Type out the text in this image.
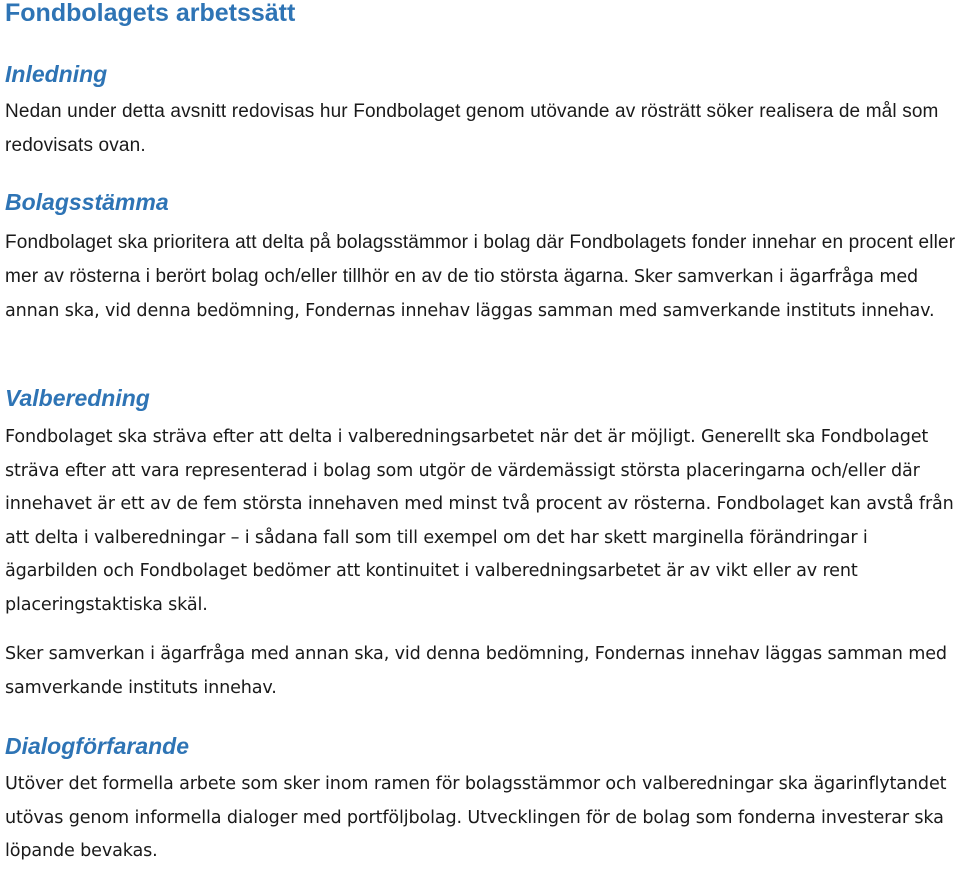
Fondbolagets arbetssätt
Inledning

Nedan under detta avsnitt redovisas hur Fondbolaget genom utövande av rösträtt söker realisera de mål som redovisats ovan.

Bolagsstämma

Fondbolaget ska prioritera att delta på bolagsstämmor i bolag där Fondbolagets fonder innehar en procent eller mer av rösterna i berört bolag och/eller tillhör en av de tio största ägarna. Sker samverkan i ägarfråga med annan ska, vid denna bedömning, Fondernas innehav läggas samman med samverkande instituts innehav.

Valberedning

Fondbolaget ska sträva efter att delta i valberedningsarbetet när det är möjligt. Generellt ska Fondbolaget sträva efter att vara representerad i bolag som utgör de värdemässigt största placeringarna och/eller där innehavet är ett av de fem största innehaven med minst två procent av rösterna. Fondbolaget kan avstå från att delta i valberedningar – i sådana fall som till exempel om det har skett marginella förändringar i ägarbilden och Fondbolaget bedömer att kontinuitet i valberedningsarbetet är av vikt eller av rent placeringstaktiska skäl.

Sker samverkan i ägarfråga med annan ska, vid denna bedömning, Fondernas innehav läggas samman med samverkande instituts innehav.

Dialogförfarande

Utöver det formella arbete som sker inom ramen för bolagsstämmor och valberedningar ska ägarinflytandet utövas genom informella dialoger med portföljbolag. Utvecklingen för de bolag som fonderna investerar ska löpande bevakas.
